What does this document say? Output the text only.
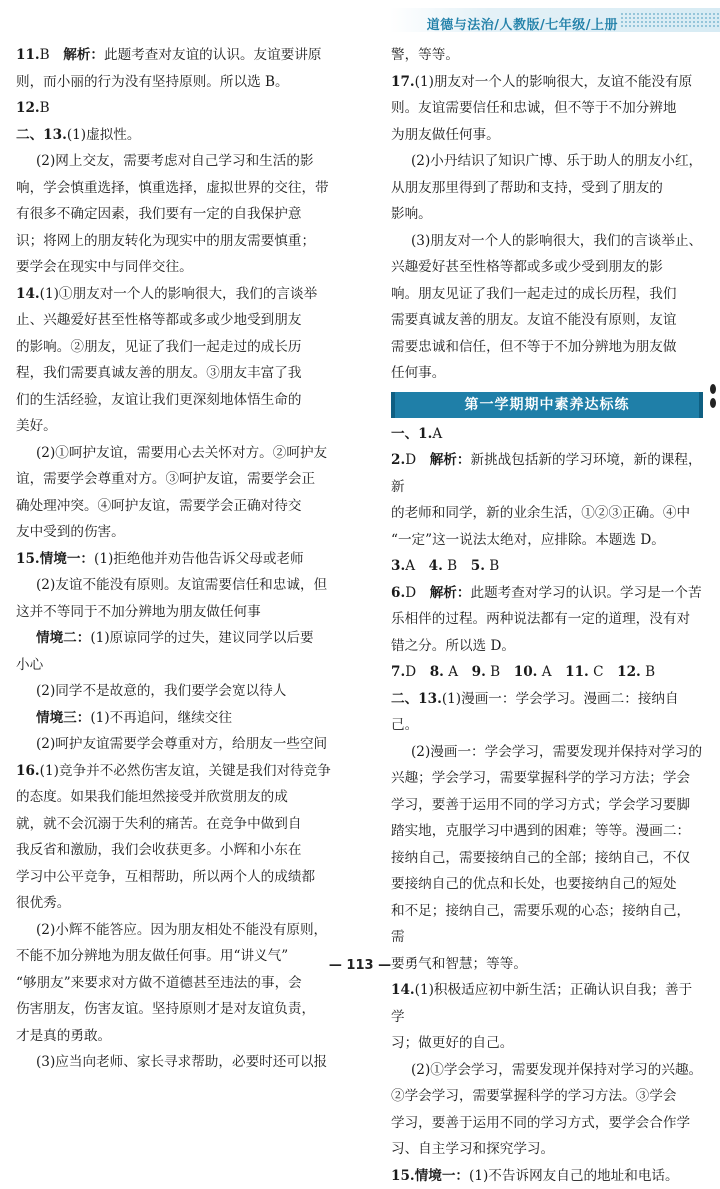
道德与法治/人教版/七年级/上册

11.B　解析：此题考查对友谊的认识。友谊要讲原

则，而小丽的行为没有坚持原则。所以选 B。

12.B

二、13.(1)虚拟性。

(2)网上交友，需要考虑对自己学习和生活的影

响，学会慎重选择，慎重选择，虚拟世界的交往，带

有很多不确定因素，我们要有一定的自我保护意

识；将网上的朋友转化为现实中的朋友需要慎重；

要学会在现实中与同伴交往。

14.(1)①朋友对一个人的影响很大，我们的言谈举

止、兴趣爱好甚至性格等都或多或少地受到朋友

的影响。②朋友，见证了我们一起走过的成长历

程，我们需要真诚友善的朋友。③朋友丰富了我

们的生活经验，友谊让我们更深刻地体悟生命的

美好。

(2)①呵护友谊，需要用心去关怀对方。②呵护友

谊，需要学会尊重对方。③呵护友谊，需要学会正

确处理冲突。④呵护友谊，需要学会正确对待交

友中受到的伤害。

15.情境一：(1)拒绝他并劝告他告诉父母或老师

(2)友谊不能没有原则。友谊需要信任和忠诚，但

这并不等同于不加分辨地为朋友做任何事

情境二：(1)原谅同学的过失，建议同学以后要

小心

(2)同学不是故意的，我们要学会宽以待人

情境三：(1)不再追问，继续交往

(2)呵护友谊需要学会尊重对方，给朋友一些空间

16.(1)竞争并不必然伤害友谊，关键是我们对待竞争

的态度。如果我们能坦然接受并欣赏朋友的成

就，就不会沉溺于失利的痛苦。在竞争中做到自

我反省和激励，我们会收获更多。小辉和小东在

学习中公平竞争，互相帮助，所以两个人的成绩都

很优秀。

(2)小辉不能答应。因为朋友相处不能没有原则，

不能不加分辨地为朋友做任何事。用“讲义气”

“够朋友”来要求对方做不道德甚至违法的事，会

伤害朋友，伤害友谊。坚持原则才是对友谊负责，

才是真的勇敢。

(3)应当向老师、家长寻求帮助，必要时还可以报

警，等等。

17.(1)朋友对一个人的影响很大，友谊不能没有原

则。友谊需要信任和忠诚，但不等于不加分辨地

为朋友做任何事。

(2)小丹结识了知识广博、乐于助人的朋友小红，

从朋友那里得到了帮助和支持，受到了朋友的

影响。

(3)朋友对一个人的影响很大，我们的言谈举止、

兴趣爱好甚至性格等都或多或少受到朋友的影

响。朋友见证了我们一起走过的成长历程，我们

需要真诚友善的朋友。友谊不能没有原则，友谊

需要忠诚和信任，但不等于不加分辨地为朋友做

任何事。

第一学期期中素养达标练

一、1.A

2.D　解析：新挑战包括新的学习环境，新的课程，新

的老师和同学，新的业余生活，①②③正确。④中

“一定”这一说法太绝对，应排除。本题选 D。

3.A　4. B　5. B

6.D　解析：此题考查对学习的认识。学习是一个苦

乐相伴的过程。两种说法都有一定的道理，没有对

错之分。所以选 D。

7.D　8. A　9. B　10. A　11. C　12. B

二、13.(1)漫画一：学会学习。漫画二：接纳自己。

(2)漫画一：学会学习，需要发现并保持对学习的

兴趣；学会学习，需要掌握科学的学习方法；学会

学习，要善于运用不同的学习方式；学会学习要脚

踏实地，克服学习中遇到的困难；等等。漫画二：

接纳自己，需要接纳自己的全部；接纳自己，不仅

要接纳自己的优点和长处，也要接纳自己的短处

和不足；接纳自己，需要乐观的心态；接纳自己，需

要勇气和智慧；等等。

14.(1)积极适应初中新生活；正确认识自我；善于学

习；做更好的自己。

(2)①学会学习，需要发现并保持对学习的兴趣。

②学会学习，需要掌握科学的学习方法。③学会

学习，要善于运用不同的学习方式，要学会合作学

习、自主学习和探究学习。

15.情境一：(1)不告诉网友自己的地址和电话。

— 113 —
